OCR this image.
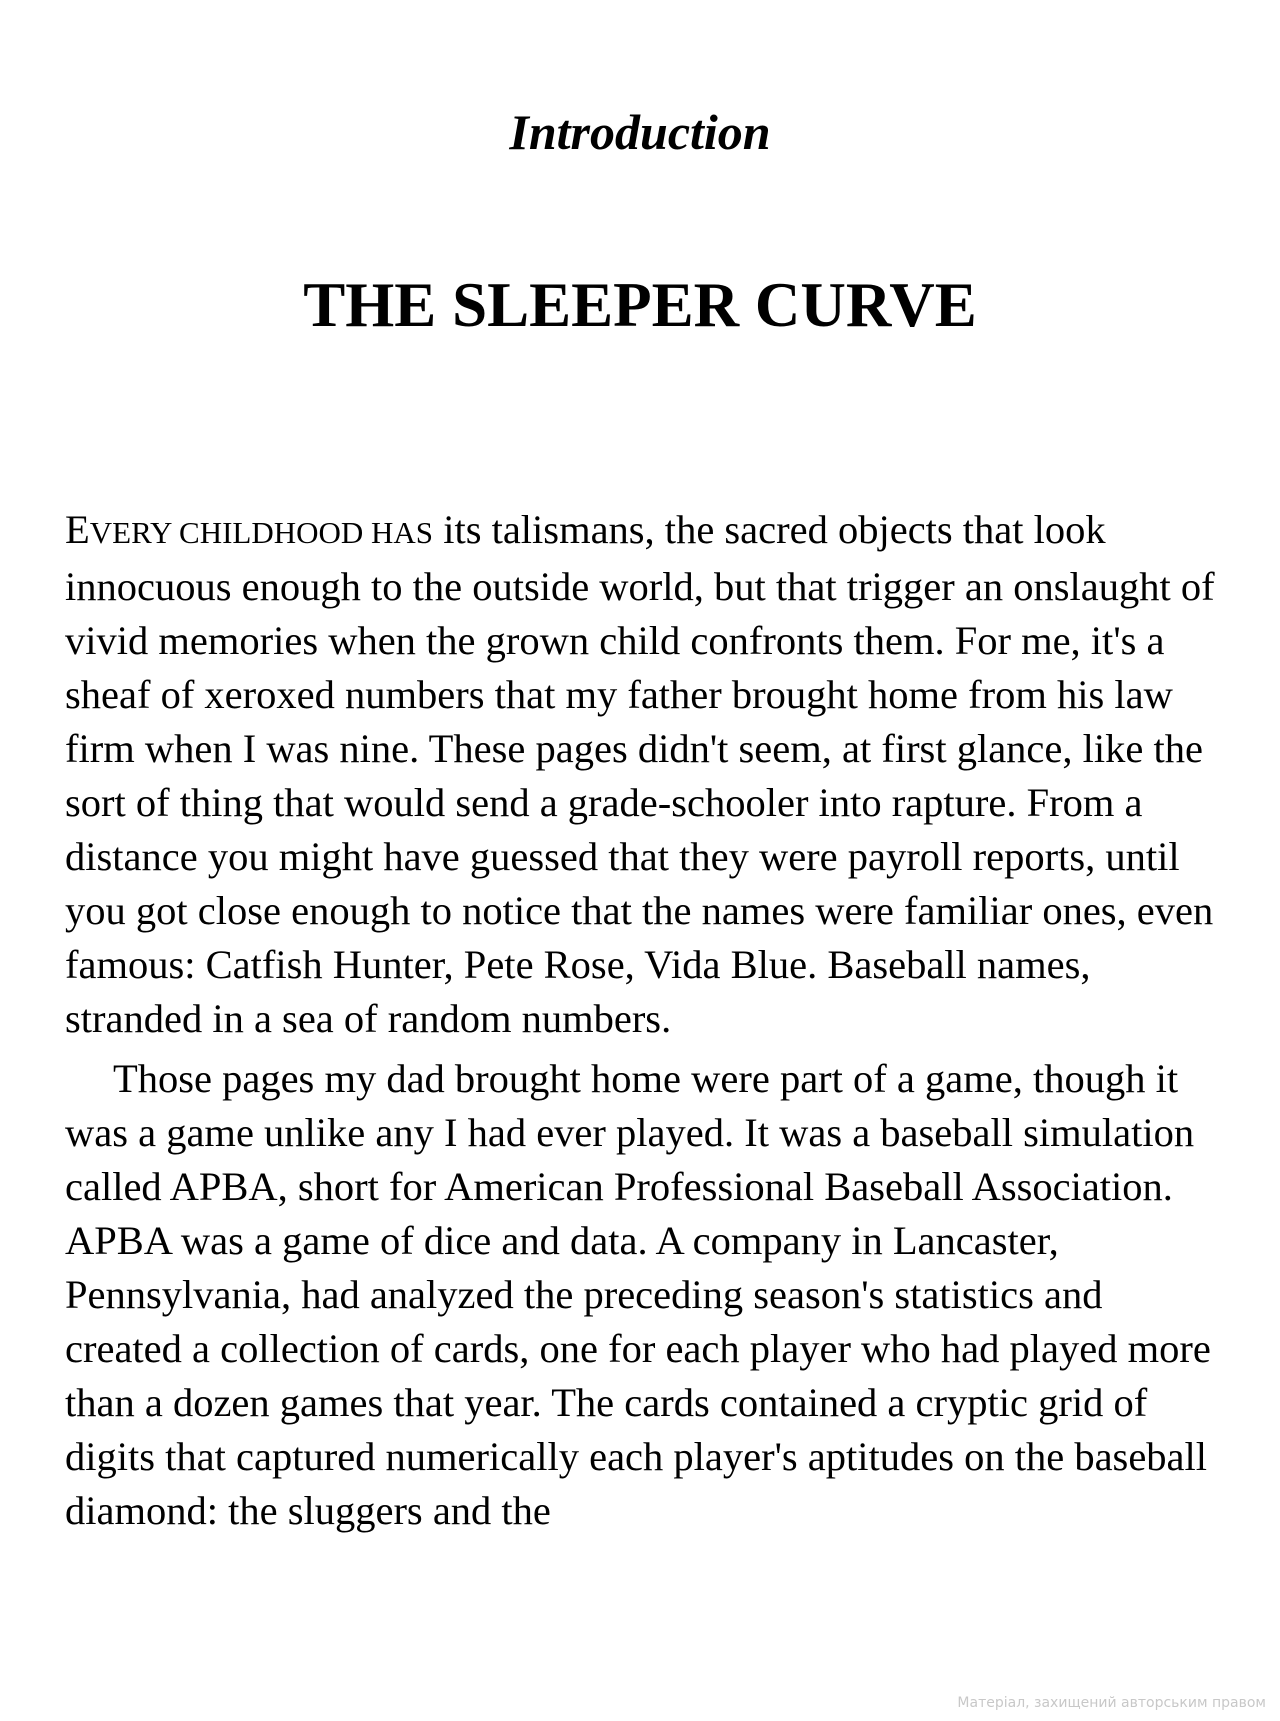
Introduction
THE SLEEPER CURVE

EVERY CHILDHOOD HAS its talismans, the sacred objects that look innocuous enough to the outside world, but that trigger an onslaught of vivid memories when the grown child confronts them. For me, it's a sheaf of xeroxed numbers that my father brought home from his law firm when I was nine. These pages didn't seem, at first glance, like the sort of thing that would send a grade-schooler into rapture. From a distance you might have guessed that they were payroll reports, until you got close enough to notice that the names were familiar ones, even famous: Catfish Hunter, Pete Rose, Vida Blue. Baseball names, stranded in a sea of random numbers.

Those pages my dad brought home were part of a game, though it was a game unlike any I had ever played. It was a baseball simulation called APBA, short for American Professional Baseball Association. APBA was a game of dice and data. A company in Lancaster, Pennsylvania, had analyzed the preceding season's statistics and created a collection of cards, one for each player who had played more than a dozen games that year. The cards contained a cryptic grid of digits that captured numerically each player's aptitudes on the baseball diamond: the sluggers and the

Матеріал, захищений авторським правом
